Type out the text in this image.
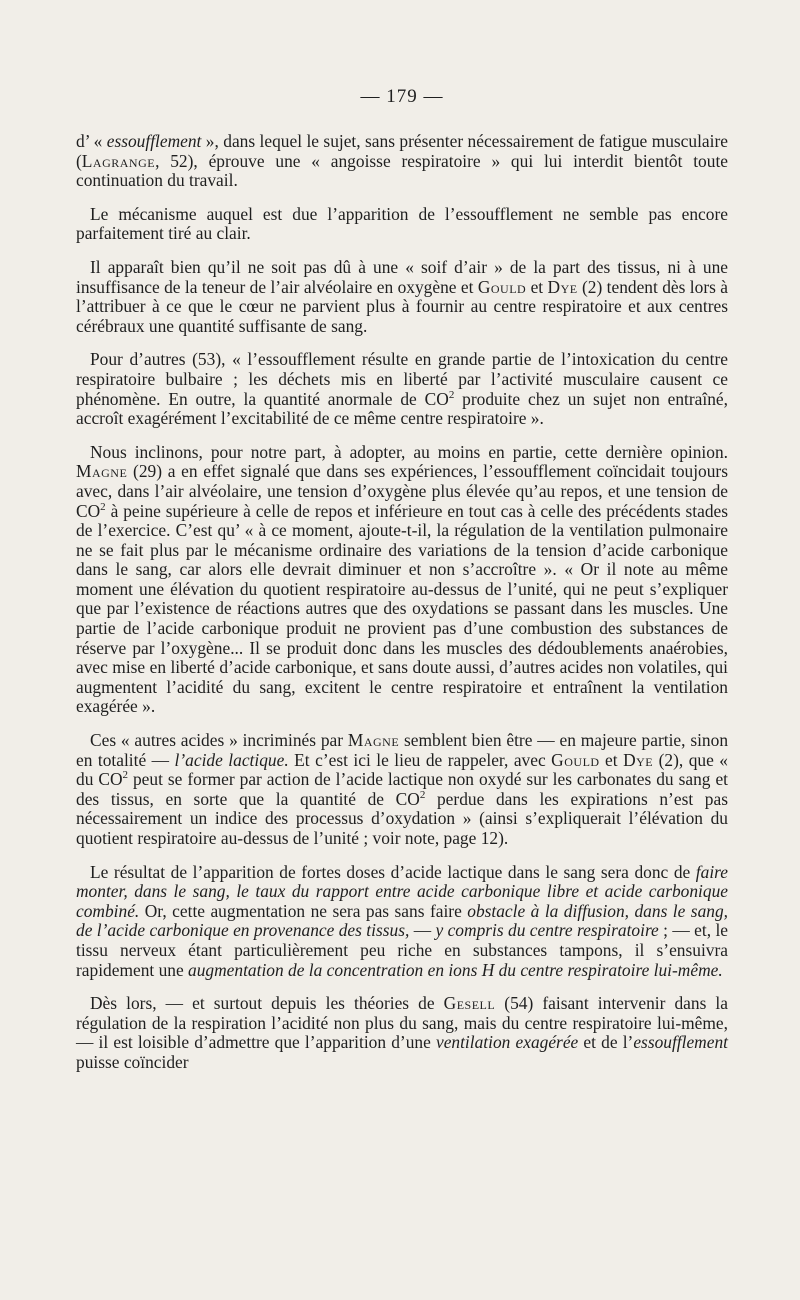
— 179 —

d’ « essoufflement », dans lequel le sujet, sans présenter nécessairement de fatigue musculaire (Lagrange, 52), éprouve une « angoisse respiratoire » qui lui interdit bientôt toute continuation du travail.

Le mécanisme auquel est due l’apparition de l’essoufflement ne semble pas encore parfaitement tiré au clair.

Il apparaît bien qu’il ne soit pas dû à une « soif d’air » de la part des tissus, ni à une insuffisance de la teneur de l’air alvéolaire en oxygène et Gould et Dye (2) tendent dès lors à l’attribuer à ce que le cœur ne parvient plus à fournir au centre respiratoire et aux centres cérébraux une quantité suffisante de sang.

Pour d’autres (53), « l’essoufflement résulte en grande partie de l’intoxication du centre respiratoire bulbaire ; les déchets mis en liberté par l’activité musculaire causent ce phénomène. En outre, la quantité anormale de $CO^2$ produite chez un sujet non entraîné, accroît exagérément l’excitabilité de ce même centre respiratoire ».

Nous inclinons, pour notre part, à adopter, au moins en partie, cette dernière opinion. Magne (29) a en effet signalé que dans ses expériences, l’essoufflement coïncidait toujours avec, dans l’air alvéolaire, une tension d’oxygène plus élevée qu’au repos, et une tension de $CO^2$ à peine supérieure à celle de repos et inférieure en tout cas à celle des précédents stades de l’exercice. C’est qu’ « à ce moment, ajoute-t-il, la régulation de la ventilation pulmonaire ne se fait plus par le mécanisme ordinaire des variations de la tension d’acide carbonique dans le sang, car alors elle devrait diminuer et non s’accroître ». « Or il note au même moment une élévation du quotient respiratoire au-dessus de l’unité, qui ne peut s’expliquer que par l’existence de réactions autres que des oxydations se passant dans les muscles. Une partie de l’acide carbonique produit ne provient pas d’une combustion des substances de réserve par l’oxygène... Il se produit donc dans les muscles des dédoublements anaérobies, avec mise en liberté d’acide carbonique, et sans doute aussi, d’autres acides non volatiles, qui augmentent l’acidité du sang, excitent le centre respiratoire et entraînent la ventilation exagérée ».

Ces « autres acides » incriminés par Magne semblent bien être — en majeure partie, sinon en totalité — l’acide lactique. Et c’est ici le lieu de rappeler, avec Gould et Dye (2), que « du $CO^2$ peut se former par action de l’acide lactique non oxydé sur les carbonates du sang et des tissus, en sorte que la quantité de $CO^2$ perdue dans les expirations n’est pas nécessairement un indice des processus d’oxydation » (ainsi s’expliquerait l’élévation du quotient respiratoire au-dessus de l’unité ; voir note, page 12).

Le résultat de l’apparition de fortes doses d’acide lactique dans le sang sera donc de faire monter, dans le sang, le taux du rapport entre acide carbonique libre et acide carbonique combiné. Or, cette augmentation ne sera pas sans faire obstacle à la diffusion, dans le sang, de l’acide carbonique en provenance des tissus, — y compris du centre respiratoire ; — et, le tissu nerveux étant particulièrement peu riche en substances tampons, il s’ensuivra rapidement une augmentation de la concentration en ions H du centre respiratoire lui-même.

Dès lors, — et surtout depuis les théories de Gesell (54) faisant intervenir dans la régulation de la respiration l’acidité non plus du sang, mais du centre respiratoire lui-même, — il est loisible d’admettre que l’apparition d’une ventilation exagérée et de l’essoufflement puisse coïncider
